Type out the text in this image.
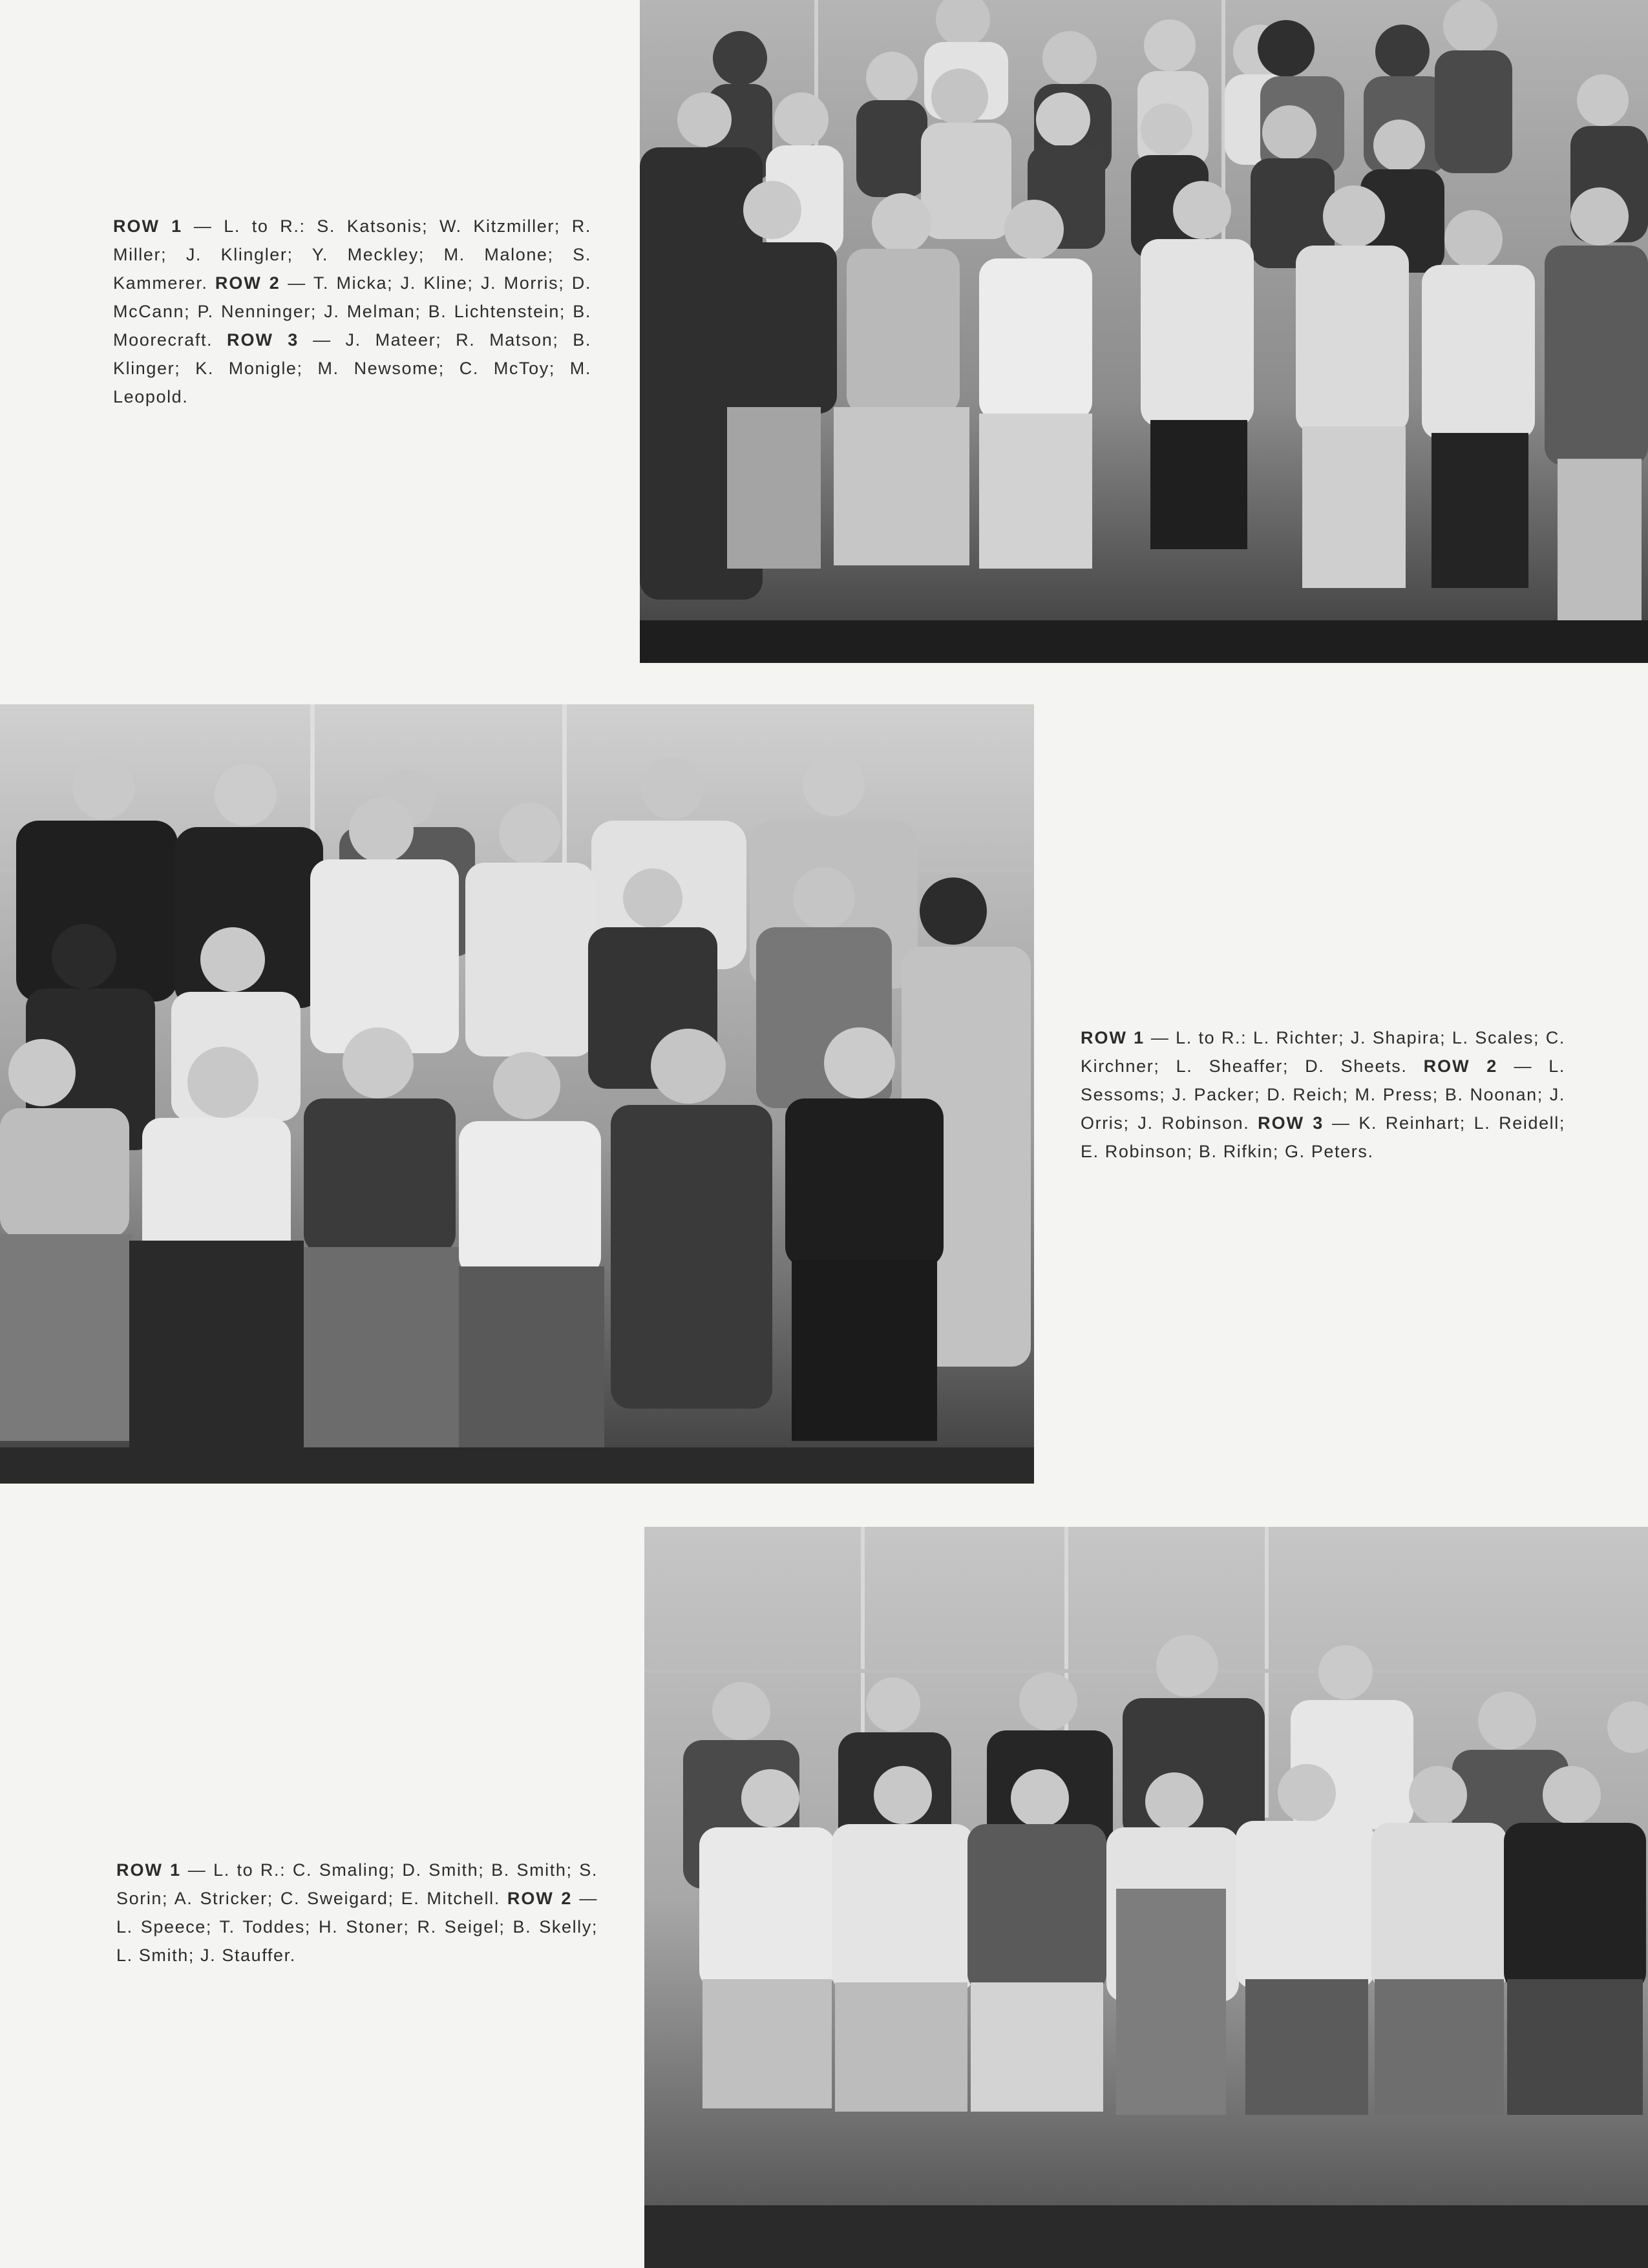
ROW 1 — L. to R.: S. Katsonis; W. Kitzmiller; R. Miller; J. Klingler; Y. Meckley; M. Malone; S. Kammerer. ROW 2 — T. Micka; J. Kline; J. Morris; D. McCann; P. Nenninger; J. Melman; B. Lichtenstein; B. Moorecraft. ROW 3 — J. Mateer; R. Matson; B. Klinger; K. Monigle; M. Newsome; C. McToy; M. Leopold.
ROW 1 — L. to R.: L. Richter; J. Shapira; L. Scales; C. Kirchner; L. Sheaffer; D. Sheets. ROW 2 — L. Sessoms; J. Packer; D. Reich; M. Press; B. Noonan; J. Orris; J. Robinson. ROW 3 — K. Reinhart; L. Reidell; E. Robinson; B. Rifkin; G. Peters.
ROW 1 — L. to R.: C. Smaling; D. Smith; B. Smith; S. Sorin; A. Stricker; C. Sweigard; E. Mitchell. ROW 2 — L. Speece; T. Toddes; H. Stoner; R. Seigel; B. Skelly; L. Smith; J. Stauffer.
